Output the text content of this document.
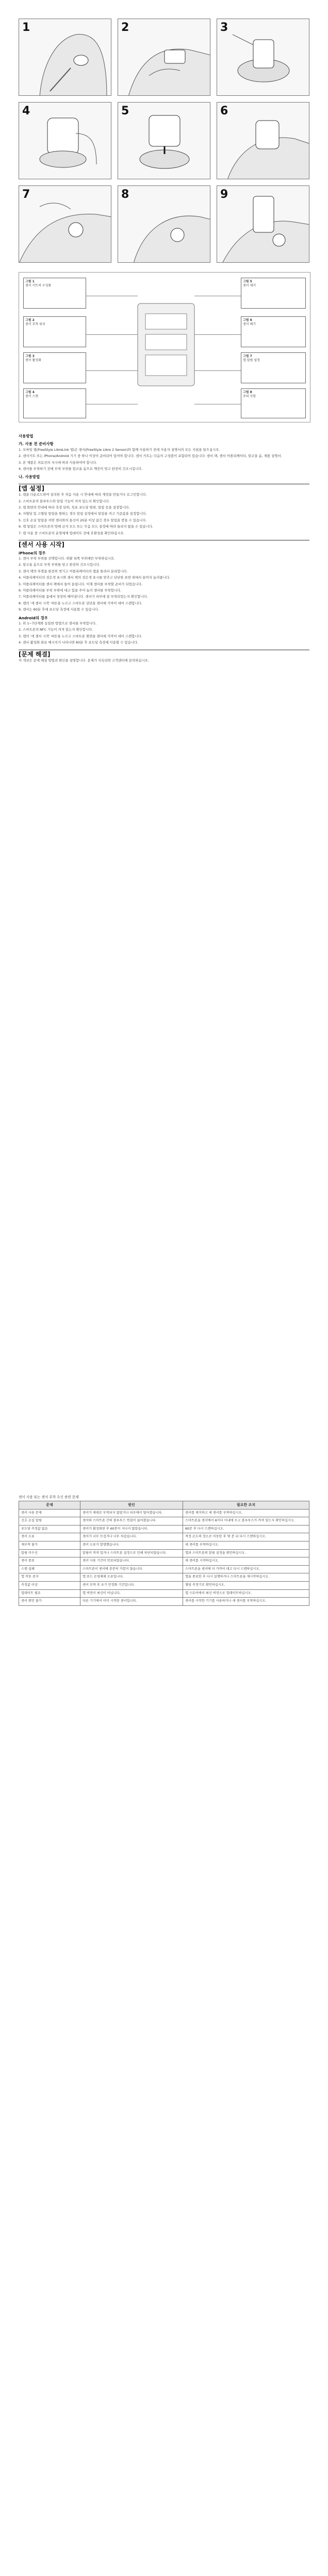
1	2	3
4	5	6
7	8	9
그림 1
센서 키트의 구성품
그림 2
센서 부착 위치
그림 3
센서 활성화
그림 4
센서 스캔
그림 5
센서 제거
그림 6
센서 폐기
그림 7
앱 알림 설정
그림 8
주의 사항
사용방법
가. 사용 전 준비사항
1. 모바일 앱(FreeStyle LibreLink 앱)은 센서(FreeStyle Libre 2 Sensor)와 함께 사용하기 전에 사용자 설명서의 모든 지침을 읽으십시오.
2. 센서키트 또는 iPhone/Android 기기 중 하나 이상이 준비되어 있어야 합니다. 센서 키트는 다음의 구성품이 포함되어 있습니다: 센서 팩, 센서 어플리케이터, 알코올 솜, 제품 설명서.
3. 본 제품은 의료진의 지시에 따라 사용하여야 합니다.
4. 센서를 부착하기 전에 부착 부위를 알코올 솜으로 깨끗이 닦고 완전히 건조시킵니다.
나. 사용방법
[앱 설정]
1. 앱을 다운로드하여 설치한 후 처음 사용 시 안내에 따라 계정을 만들거나 로그인합니다.
2. 스마트폰의 블루투스와 알림 기능이 켜져 있는지 확인합니다.
3. 앱 화면의 안내에 따라 측정 단위, 목표 포도당 범위, 알림 등을 설정합니다.
4. 저혈당 및 고혈당 알림을 원하는 경우 알림 설정에서 알림을 켜고 기준값을 설정합니다.
5. 신호 손실 알림을 켜면 센서와의 통신이 20분 이상 끊긴 경우 알림을 받을 수 있습니다.
6. 앱 알림은 스마트폰의 방해 금지 모드 또는 무음 모드 설정에 따라 들리지 않을 수 있습니다.
7. 앱 사용 중 스마트폰의 운영체제 업데이트 전에 호환성을 확인하십시오.
[센서 사용 시작]
iPhone의 경우
1. 센서 부착 부위를 선택합니다. 위팔 뒤쪽 부위에만 부착하십시오.
2. 알코올 솜으로 부착 부위를 닦고 완전히 건조시킵니다.
3. 센서 팩의 뚜껑을 완전히 벗기고 어플리케이터의 캡을 돌려서 분리합니다.
4. 어플리케이터의 검은색 표시와 센서 팩의 검은색 표시를 맞추고 단단한 표면 위에서 끝까지 눌러줍니다.
5. 어플리케이터를 센서 팩에서 들어 올립니다. 이제 센서를 부착할 준비가 되었습니다.
6. 어플리케이터를 부착 부위에 대고 힘을 주어 눌러 센서를 부착합니다.
7. 어플리케이터를 몸에서 천천히 떼어냅니다. 센서가 피부에 잘 부착되었는지 확인합니다.
8. 앱의 '새 센서 시작' 버튼을 누르고 스마트폰 상단을 센서에 가까이 대어 스캔합니다.
9. 센서는 60분 후에 포도당 측정에 사용할 수 있습니다.
Android의 경우
1. 위 1~7단계와 동일한 방법으로 센서를 부착합니다.
2. 스마트폰의 NFC 기능이 켜져 있는지 확인합니다.
3. 앱의 '새 센서 시작' 버튼을 누르고 스마트폰 뒷면을 센서에 가까이 대어 스캔합니다.
4. 센서 활성화 완료 메시지가 나타나면 60분 후 포도당 측정에 사용할 수 있습니다.
[문제 해결]
이 섹션은 문제 해결 방법과 원인을 설명합니다. 문제가 지속되면 고객센터에 문의하십시오.
센서 사용 또는 센서 부착 수신 관련 문제
문제	원인	필요한 조치
센서 사용 문제	센서가 제대로 부착되지 않았거나 피부에서 떨어졌습니다.	센서를 제거하고 새 센서를 부착하십시오.
신호 손실 알림	센서와 스마트폰 간의 블루투스 연결이 끊어졌습니다.	스마트폰을 센서에서 6미터 이내에 두고 블루투스가 켜져 있는지 확인하십시오.
포도당 측정값 없음	센서가 활성화된 후 60분이 지나지 않았습니다.	60분 후 다시 스캔하십시오.
센서 오류	센서가 너무 뜨겁거나 너무 차갑습니다.	적정 온도의 장소로 이동한 후 몇 분 뒤 다시 스캔하십시오.
재부착 불가	센서 오류가 발생했습니다.	새 센서를 부착하십시오.
알림 미수신	알림이 꺼져 있거나 스마트폰 설정으로 인해 차단되었습니다.	앱과 스마트폰의 알림 설정을 확인하십시오.
센서 종료	센서 사용 기간이 만료되었습니다.	새 센서를 시작하십시오.
스캔 실패	스마트폰이 센서에 충분히 가깝지 않습니다.	스마트폰을 센서에 더 가까이 대고 다시 스캔하십시오.
앱 작동 중지	앱 또는 운영체제 오류입니다.	앱을 종료한 후 다시 실행하거나 스마트폰을 재시작하십시오.
측정값 이상	센서 부착 후 초기 안정화 기간입니다.	혈당 측정기로 확인하십시오.
업데이트 필요	앱 버전이 최신이 아닙니다.	앱 스토어에서 최신 버전으로 업데이트하십시오.
센서 확인 불가	다른 기기에서 이미 시작된 센서입니다.	센서를 시작한 기기를 사용하거나 새 센서를 부착하십시오.
